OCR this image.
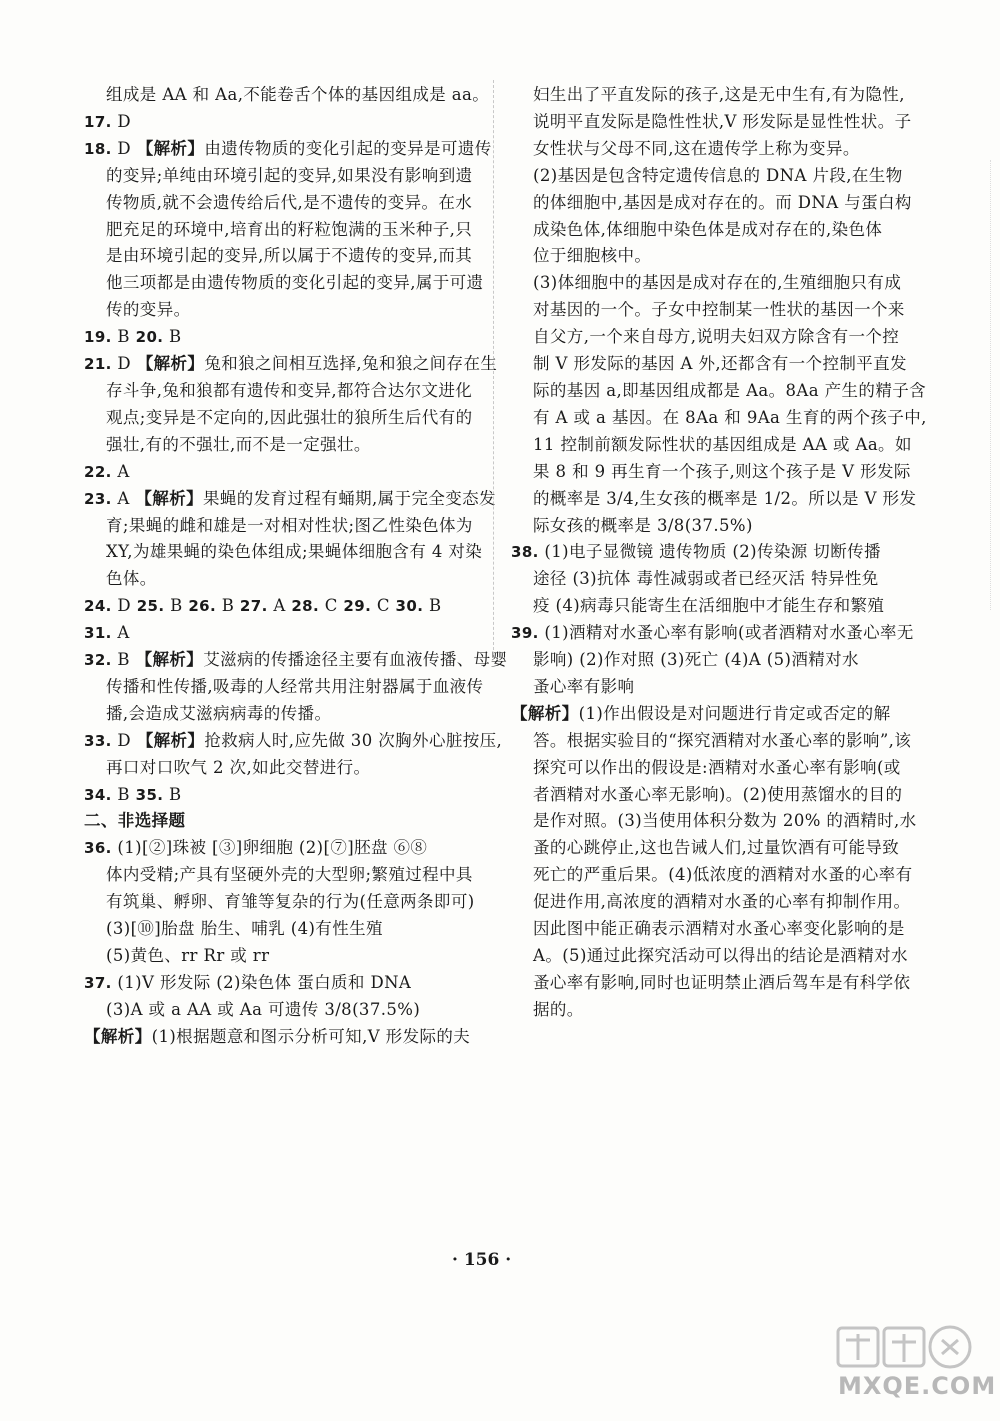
组成是 AA 和 Aa,不能卷舌个体的基因组成是 aa。
17. D
18. D 【解析】由遗传物质的变化引起的变异是可遗传
的变异;单纯由环境引起的变异,如果没有影响到遗
传物质,就不会遗传给后代,是不遗传的变异。在水
肥充足的环境中,培育出的籽粒饱满的玉米种子,只
是由环境引起的变异,所以属于不遗传的变异,而其
他三项都是由遗传物质的变化引起的变异,属于可遗
传的变异。
19. B 20. B
21. D 【解析】兔和狼之间相互选择,兔和狼之间存在生
存斗争,兔和狼都有遗传和变异,都符合达尔文进化
观点;变异是不定向的,因此强壮的狼所生后代有的
强壮,有的不强壮,而不是一定强壮。
22. A
23. A 【解析】果蝇的发育过程有蛹期,属于完全变态发
育;果蝇的雌和雄是一对相对性状;图乙性染色体为
XY,为雄果蝇的染色体组成;果蝇体细胞含有 4 对染
色体。
24. D 25. B 26. B 27. A 28. C 29. C 30. B
31. A
32. B 【解析】艾滋病的传播途径主要有血液传播、母婴
传播和性传播,吸毒的人经常共用注射器属于血液传
播,会造成艾滋病病毒的传播。
33. D 【解析】抢救病人时,应先做 30 次胸外心脏按压,
再口对口吹气 2 次,如此交替进行。
34. B 35. B
二、非选择题
36. (1)[②]珠被 [③]卵细胞 (2)[⑦]胚盘 ⑥⑧
体内受精;产具有坚硬外壳的大型卵;繁殖过程中具
有筑巢、孵卵、育雏等复杂的行为(任意两条即可)
(3)[⑩]胎盘 胎生、哺乳 (4)有性生殖
(5)黄色、rr Rr 或 rr
37. (1)V 形发际 (2)染色体 蛋白质和 DNA
(3)A 或 a AA 或 Aa 可遗传 3/8(37.5%)
【解析】(1)根据题意和图示分析可知,V 形发际的夫
妇生出了平直发际的孩子,这是无中生有,有为隐性,
说明平直发际是隐性性状,V 形发际是显性性状。子
女性状与父母不同,这在遗传学上称为变异。
(2)基因是包含特定遗传信息的 DNA 片段,在生物
的体细胞中,基因是成对存在的。而 DNA 与蛋白构
成染色体,体细胞中染色体是成对存在的,染色体
位于细胞核中。
(3)体细胞中的基因是成对存在的,生殖细胞只有成
对基因的一个。子女中控制某一性状的基因一个来
自父方,一个来自母方,说明夫妇双方除含有一个控
制 V 形发际的基因 A 外,还都含有一个控制平直发
际的基因 a,即基因组成都是 Aa。8Aa 产生的精子含
有 A 或 a 基因。在 8Aa 和 9Aa 生育的两个孩子中,
11 控制前额发际性状的基因组成是 AA 或 Aa。如
果 8 和 9 再生育一个孩子,则这个孩子是 V 形发际
的概率是 3/4,生女孩的概率是 1/2。所以是 V 形发
际女孩的概率是 3/8(37.5%)
38. (1)电子显微镜 遗传物质 (2)传染源 切断传播
途径 (3)抗体 毒性减弱或者已经灭活 特异性免
疫 (4)病毒只能寄生在活细胞中才能生存和繁殖
39. (1)酒精对水蚤心率有影响(或者酒精对水蚤心率无
影响) (2)作对照 (3)死亡 (4)A (5)酒精对水
蚤心率有影响
【解析】(1)作出假设是对问题进行肯定或否定的解
答。根据实验目的“探究酒精对水蚤心率的影响”,该
探究可以作出的假设是:酒精对水蚤心率有影响(或
者酒精对水蚤心率无影响)。(2)使用蒸馏水的目的
是作对照。(3)当使用体积分数为 20% 的酒精时,水
蚤的心跳停止,这也告诫人们,过量饮酒有可能导致
死亡的严重后果。(4)低浓度的酒精对水蚤的心率有
促进作用,高浓度的酒精对水蚤的心率有抑制作用。
因此图中能正确表示酒精对水蚤心率变化影响的是
A。(5)通过此探究活动可以得出的结论是酒精对水
蚤心率有影响,同时也证明禁止酒后驾车是有科学依
据的。
· 156 ·
MXQE.COM
